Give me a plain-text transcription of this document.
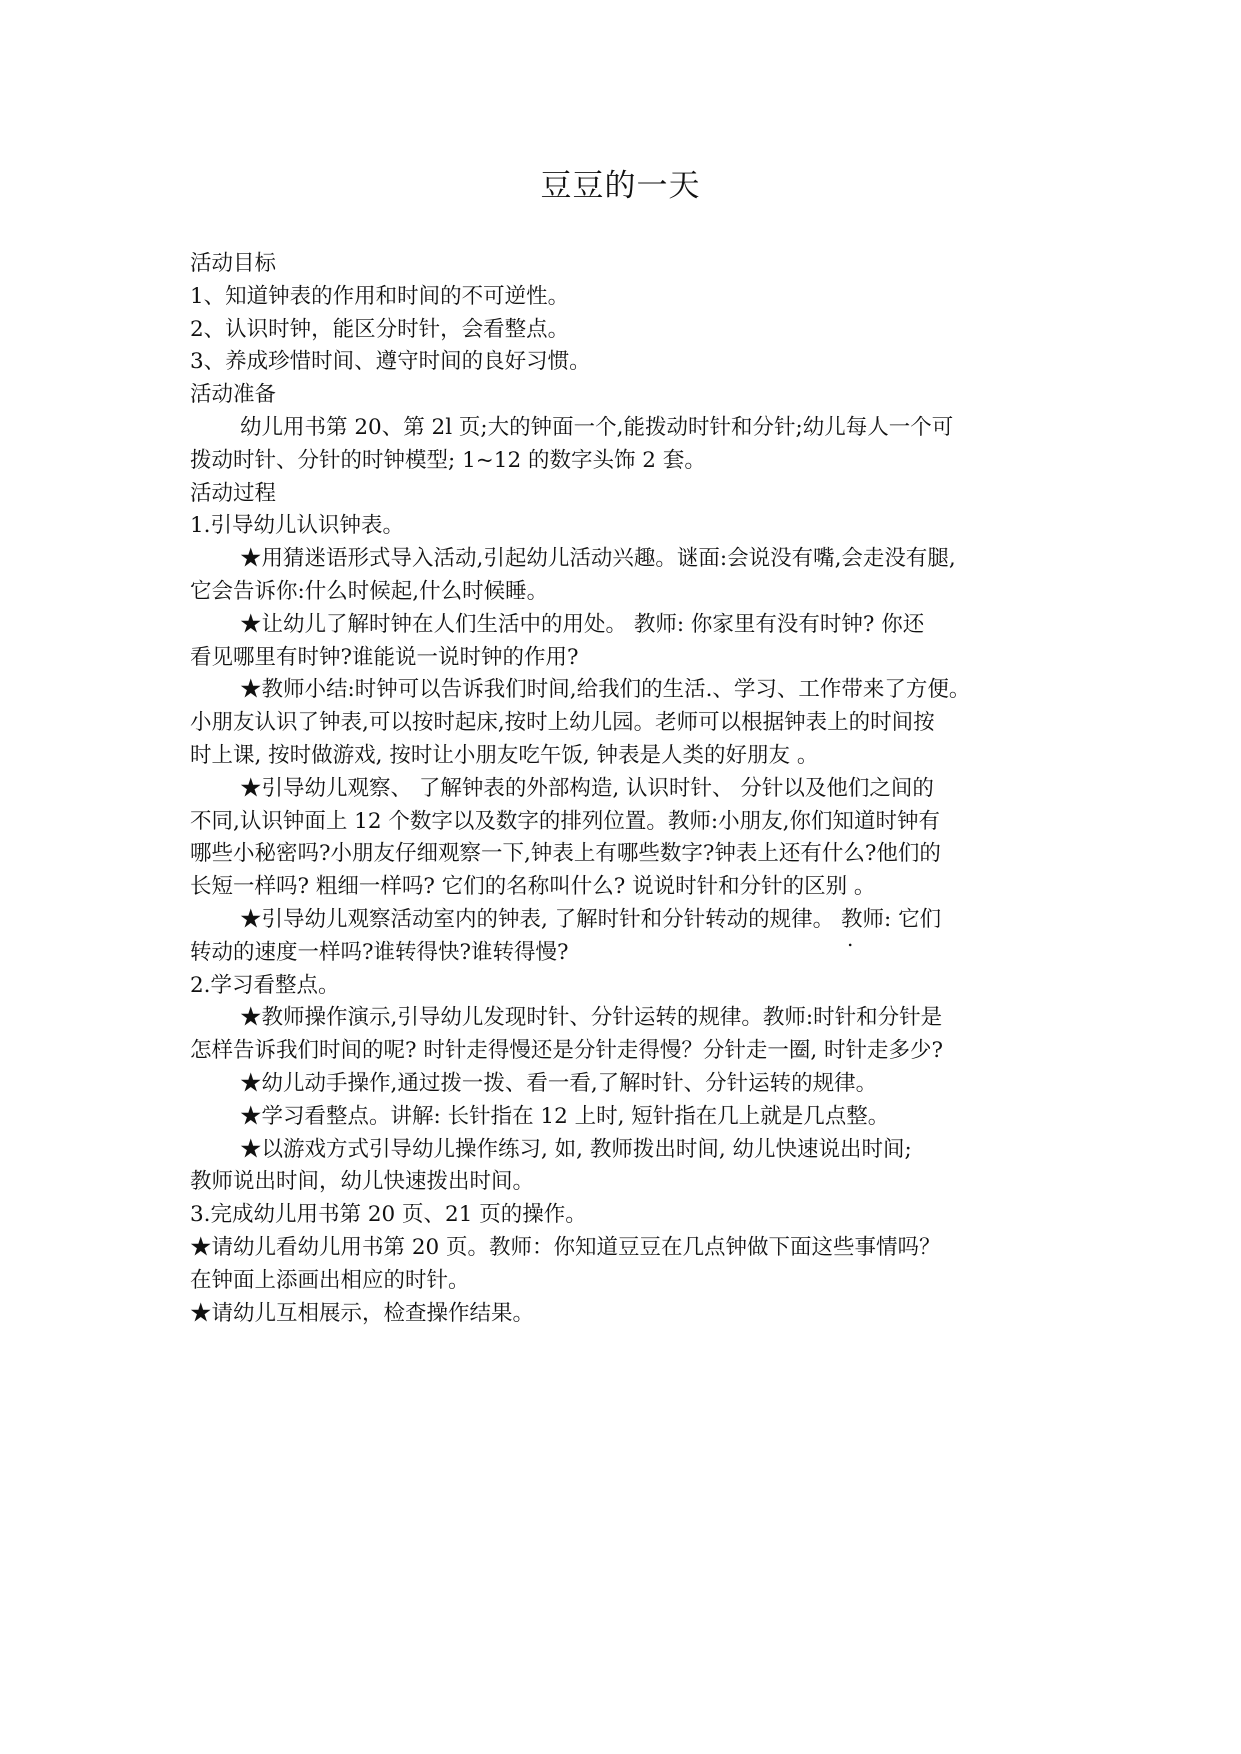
豆豆的一天
活动目标
1、知道钟表的作用和时间的不可逆性。
2、认识时钟，能区分时针，会看整点。
3、养成珍惜时间、遵守时间的良好习惯。
活动准备
幼儿用书第 20、第 2l 页;大的钟面一个,能拨动时针和分针;幼儿每人一个可
拨动时针、分针的时钟模型; 1~12 的数字头饰 2 套。
活动过程
1.引导幼儿认识钟表。
★用猜迷语形式导入活动,引起幼儿活动兴趣。谜面:会说没有嘴,会走没有腿,
它会告诉你:什么时候起,什么时候睡。
★让幼儿了解时钟在人们生活中的用处。 教师: 你家里有没有时钟? 你还
看见哪里有时钟?谁能说一说时钟的作用?
★教师小结:时钟可以告诉我们时间,给我们的生活.、学习、工作带来了方便。
小朋友认识了钟表,可以按时起床,按时上幼儿园。老师可以根据钟表上的时间按
时上课, 按时做游戏, 按时让小朋友吃午饭, 钟表是人类的好朋友 。
★引导幼儿观察、 了解钟表的外部构造, 认识时针、 分针以及他们之间的
不同,认识钟面上 12 个数字以及数字的排列位置。教师:小朋友,你们知道时钟有
哪些小秘密吗?小朋友仔细观察一下,钟表上有哪些数字?钟表上还有什么?他们的
长短一样吗? 粗细一样吗? 它们的名称叫什么? 说说时针和分针的区别 。
★引导幼儿观察活动室内的钟表, 了解时针和分针转动的规律。 教师: 它们
转动的速度一样吗?谁转得快?谁转得慢?
2.学习看整点。
★教师操作演示,引导幼儿发现时针、分针运转的规律。教师:时针和分针是
怎样告诉我们时间的呢? 时针走得慢还是分针走得慢？分针走一圈, 时针走多少?
★幼儿动手操作,通过拨一拨、看一看,了解时针、分针运转的规律。
★学习看整点。讲解: 长针指在 12 上时, 短针指在几上就是几点整。
★以游戏方式引导幼儿操作练习, 如, 教师拨出时间, 幼儿快速说出时间;
教师说出时间，幼儿快速拨出时间。
3.完成幼儿用书第 20 页、21 页的操作。
★请幼儿看幼儿用书第 20 页。教师：你知道豆豆在几点钟做下面这些事情吗？
在钟面上添画出相应的时针。
★请幼儿互相展示，检查操作结果。
.
